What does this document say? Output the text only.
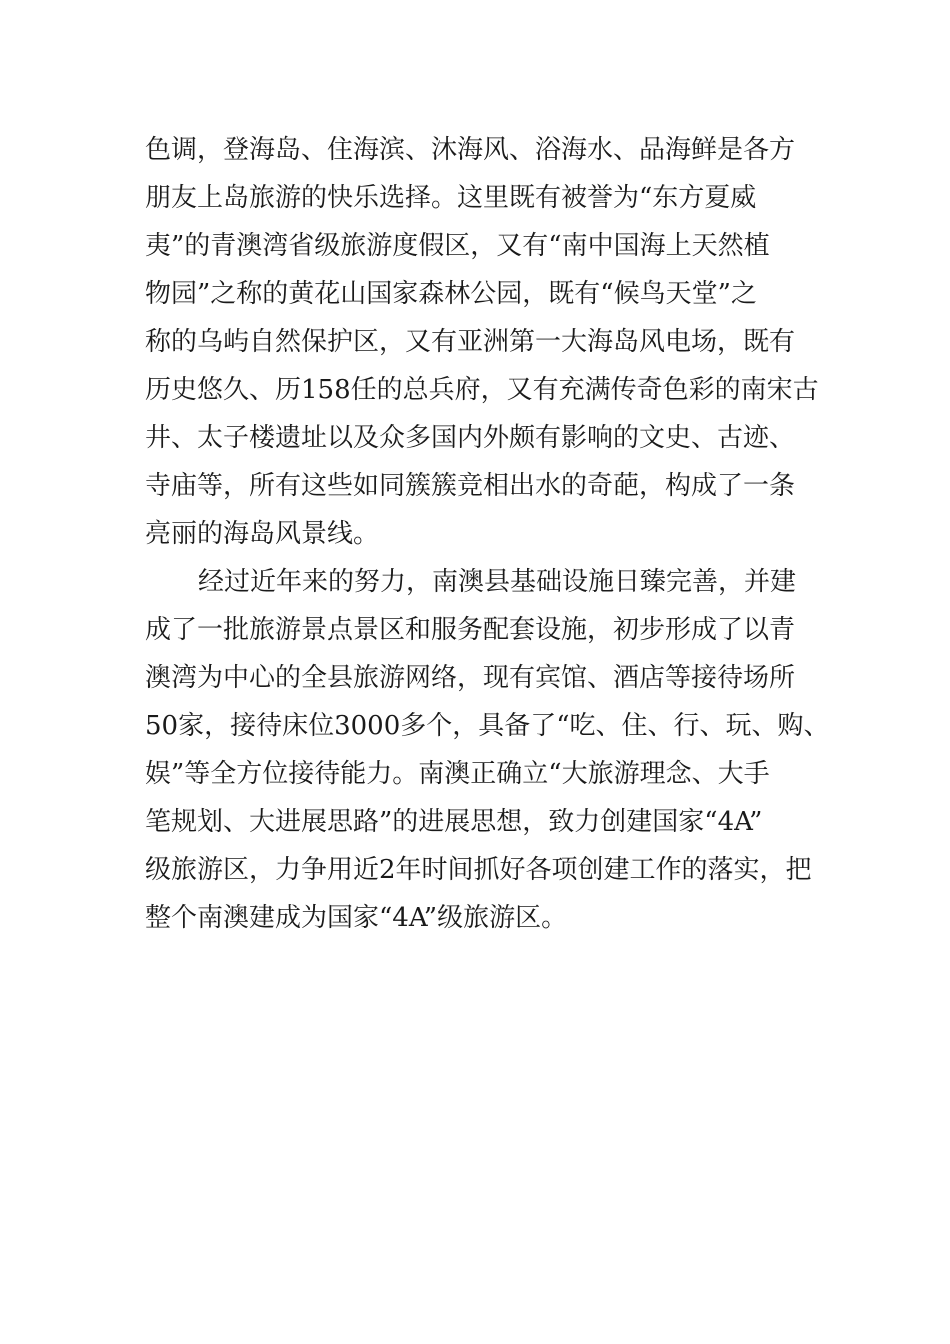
色调，登海岛、住海滨、沐海风、浴海水、品海鲜是各方
朋友上岛旅游的快乐选择。这里既有被誉为“东方夏威
夷”的青澳湾省级旅游度假区，又有“南中国海上天然植
物园”之称的黄花山国家森林公园，既有“候鸟天堂”之
称的乌屿自然保护区，又有亚洲第一大海岛风电场，既有
历史悠久、历158任的总兵府，又有充满传奇色彩的南宋古
井、太子楼遗址以及众多国内外颇有影响的文史、古迹、
寺庙等，所有这些如同簇簇竞相出水的奇葩，构成了一条
亮丽的海岛风景线。
经过近年来的努力，南澳县基础设施日臻完善，并建
成了一批旅游景点景区和服务配套设施，初步形成了以青
澳湾为中心的全县旅游网络，现有宾馆、酒店等接待场所
50家，接待床位3000多个，具备了“吃、住、行、玩、购、
娱”等全方位接待能力。南澳正确立“大旅游理念、大手
笔规划、大进展思路”的进展思想，致力创建国家“4A”
级旅游区，力争用近2年时间抓好各项创建工作的落实，把
整个南澳建成为国家“4A”级旅游区。
